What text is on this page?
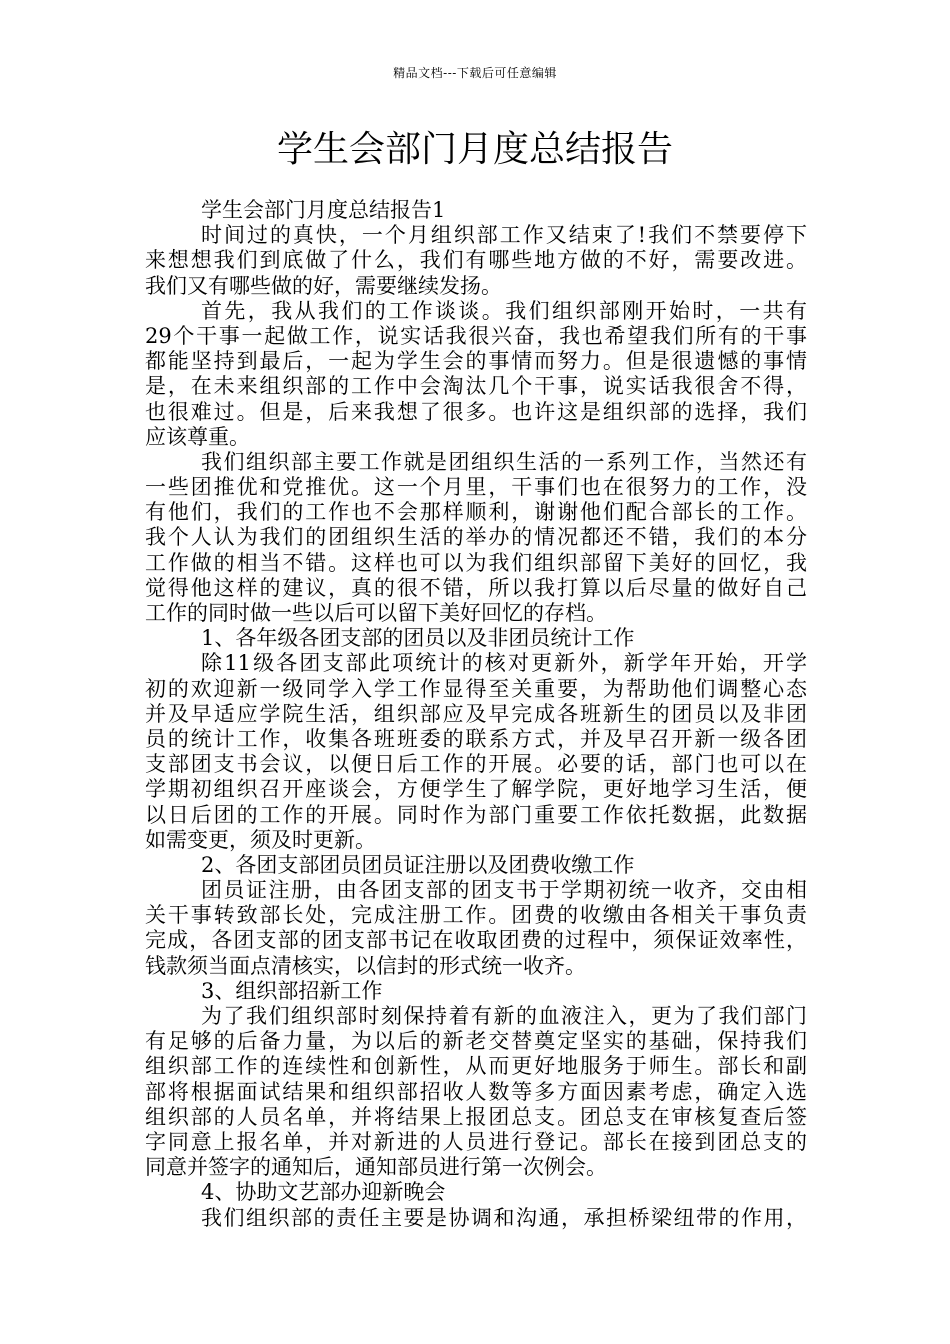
精品文档---下载后可任意编辑
学生会部门月度总结报告
学生会部门月度总结报告1
时间过的真快，一个月组织部工作又结束了!我们不禁要停下
来想想我们到底做了什么，我们有哪些地方做的不好，需要改进。
我们又有哪些做的好，需要继续发扬。
首先，我从我们的工作谈谈。我们组织部刚开始时，一共有
29个干事一起做工作，说实话我很兴奋，我也希望我们所有的干事
都能坚持到最后，一起为学生会的事情而努力。但是很遗憾的事情
是，在未来组织部的工作中会淘汰几个干事，说实话我很舍不得，
也很难过。但是，后来我想了很多。也许这是组织部的选择，我们
应该尊重。
我们组织部主要工作就是团组织生活的一系列工作，当然还有
一些团推优和党推优。这一个月里，干事们也在很努力的工作，没
有他们，我们的工作也不会那样顺利，谢谢他们配合部长的工作。
我个人认为我们的团组织生活的举办的情况都还不错，我们的本分
工作做的相当不错。这样也可以为我们组织部留下美好的回忆，我
觉得他这样的建议，真的很不错，所以我打算以后尽量的做好自己
工作的同时做一些以后可以留下美好回忆的存档。
1、各年级各团支部的团员以及非团员统计工作
除11级各团支部此项统计的核对更新外，新学年开始，开学
初的欢迎新一级同学入学工作显得至关重要，为帮助他们调整心态
并及早适应学院生活，组织部应及早完成各班新生的团员以及非团
员的统计工作，收集各班班委的联系方式，并及早召开新一级各团
支部团支书会议，以便日后工作的开展。必要的话，部门也可以在
学期初组织召开座谈会，方便学生了解学院，更好地学习生活，便
以日后团的工作的开展。同时作为部门重要工作依托数据，此数据
如需变更，须及时更新。
2、各团支部团员团员证注册以及团费收缴工作
团员证注册，由各团支部的团支书于学期初统一收齐，交由相
关干事转致部长处，完成注册工作。团费的收缴由各相关干事负责
完成，各团支部的团支部书记在收取团费的过程中，须保证效率性，
钱款须当面点清核实，以信封的形式统一收齐。
3、组织部招新工作
为了我们组织部时刻保持着有新的血液注入，更为了我们部门
有足够的后备力量，为以后的新老交替奠定坚实的基础，保持我们
组织部工作的连续性和创新性，从而更好地服务于师生。部长和副
部将根据面试结果和组织部招收人数等多方面因素考虑，确定入选
组织部的人员名单，并将结果上报团总支。团总支在审核复查后签
字同意上报名单，并对新进的人员进行登记。部长在接到团总支的
同意并签字的通知后，通知部员进行第一次例会。
4、协助文艺部办迎新晚会
我们组织部的责任主要是协调和沟通，承担桥梁纽带的作用，
